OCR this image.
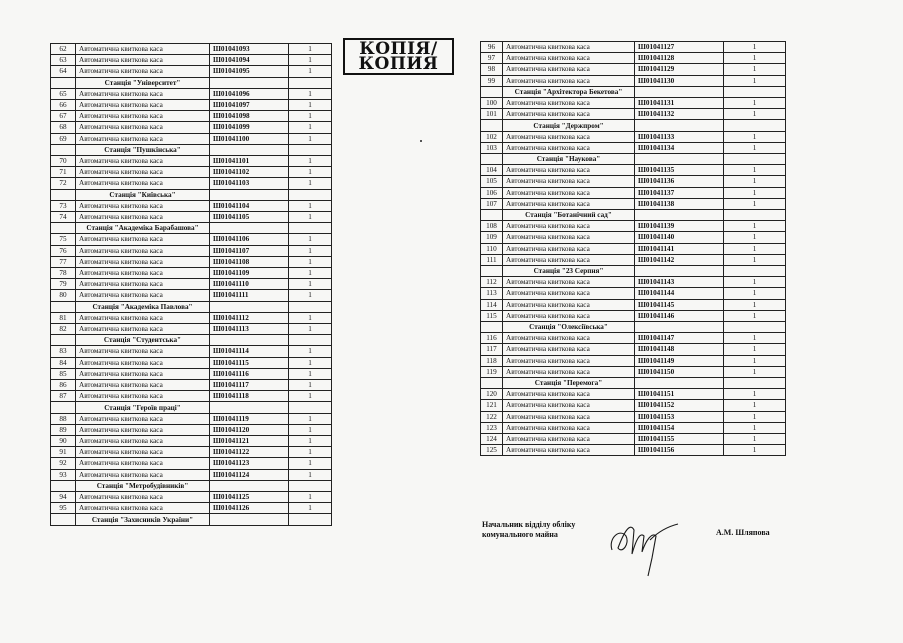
КОПІЯ/
КОПИЯ
62	Автоматична квиткова каса	Ш01041093	1
63	Автоматична квиткова каса	Ш01041094	1
64	Автоматична квиткова каса	Ш01041095	1
	Станція "Університет"		
65	Автоматична квиткова каса	Ш01041096	1
66	Автоматична квиткова каса	Ш01041097	1
67	Автоматична квиткова каса	Ш01041098	1
68	Автоматична квиткова каса	Ш01041099	1
69	Автоматична квиткова каса	Ш01041100	1
	Станція "Пушкінська"		
70	Автоматична квиткова каса	Ш01041101	1
71	Автоматична квиткова каса	Ш01041102	1
72	Автоматична квиткова каса	Ш01041103	1
	Станція "Київська"		
73	Автоматична квиткова каса	Ш01041104	1
74	Автоматична квиткова каса	Ш01041105	1
	Станція "Академіка Барабашова"		
75	Автоматична квиткова каса	Ш01041106	1
76	Автоматична квиткова каса	Ш01041107	1
77	Автоматична квиткова каса	Ш01041108	1
78	Автоматична квиткова каса	Ш01041109	1
79	Автоматична квиткова каса	Ш01041110	1
80	Автоматична квиткова каса	Ш01041111	1
	Станція "Академіка Павлова"		
81	Автоматична квиткова каса	Ш01041112	1
82	Автоматична квиткова каса	Ш01041113	1
	Станція "Студентська"		
83	Автоматична квиткова каса	Ш01041114	1
84	Автоматична квиткова каса	Ш01041115	1
85	Автоматична квиткова каса	Ш01041116	1
86	Автоматична квиткова каса	Ш01041117	1
87	Автоматична квиткова каса	Ш01041118	1
	Станція "Героїв праці"		
88	Автоматична квиткова каса	Ш01041119	1
89	Автоматична квиткова каса	Ш01041120	1
90	Автоматична квиткова каса	Ш01041121	1
91	Автоматична квиткова каса	Ш01041122	1
92	Автоматична квиткова каса	Ш01041123	1
93	Автоматична квиткова каса	Ш01041124	1
	Станція "Метробудівників"		
94	Автоматична квиткова каса	Ш01041125	1
95	Автоматична квиткова каса	Ш01041126	1
	Станція "Захисників України"		
96	Автоматична квиткова каса	Ш01041127	1
97	Автоматична квиткова каса	Ш01041128	1
98	Автоматична квиткова каса	Ш01041129	1
99	Автоматична квиткова каса	Ш01041130	1
	Станція "Архітектора Бекетова"		
100	Автоматична квиткова каса	Ш01041131	1
101	Автоматична квиткова каса	Ш01041132	1
	Станція "Держпром"		
102	Автоматична квиткова каса	Ш01041133	1
103	Автоматична квиткова каса	Ш01041134	1
	Станція "Наукова"		
104	Автоматична квиткова каса	Ш01041135	1
105	Автоматична квиткова каса	Ш01041136	1
106	Автоматична квиткова каса	Ш01041137	1
107	Автоматична квиткова каса	Ш01041138	1
	Станція "Ботанічний сад"		
108	Автоматична квиткова каса	Ш01041139	1
109	Автоматична квиткова каса	Ш01041140	1
110	Автоматична квиткова каса	Ш01041141	1
111	Автоматична квиткова каса	Ш01041142	1
	Станція "23 Серпня"		
112	Автоматична квиткова каса	Ш01041143	1
113	Автоматична квиткова каса	Ш01041144	1
114	Автоматична квиткова каса	Ш01041145	1
115	Автоматична квиткова каса	Ш01041146	1
	Станція "Олексіївська"		
116	Автоматична квиткова каса	Ш01041147	1
117	Автоматична квиткова каса	Ш01041148	1
118	Автоматична квиткова каса	Ш01041149	1
119	Автоматична квиткова каса	Ш01041150	1
	Станція "Перемога"		
120	Автоматична квиткова каса	Ш01041151	1
121	Автоматична квиткова каса	Ш01041152	1
122	Автоматична квиткова каса	Ш01041153	1
123	Автоматична квиткова каса	Ш01041154	1
124	Автоматична квиткова каса	Ш01041155	1
125	Автоматична квиткова каса	Ш01041156	1
Начальник відділу обліку
комунального майна	А.М. Шляпова
